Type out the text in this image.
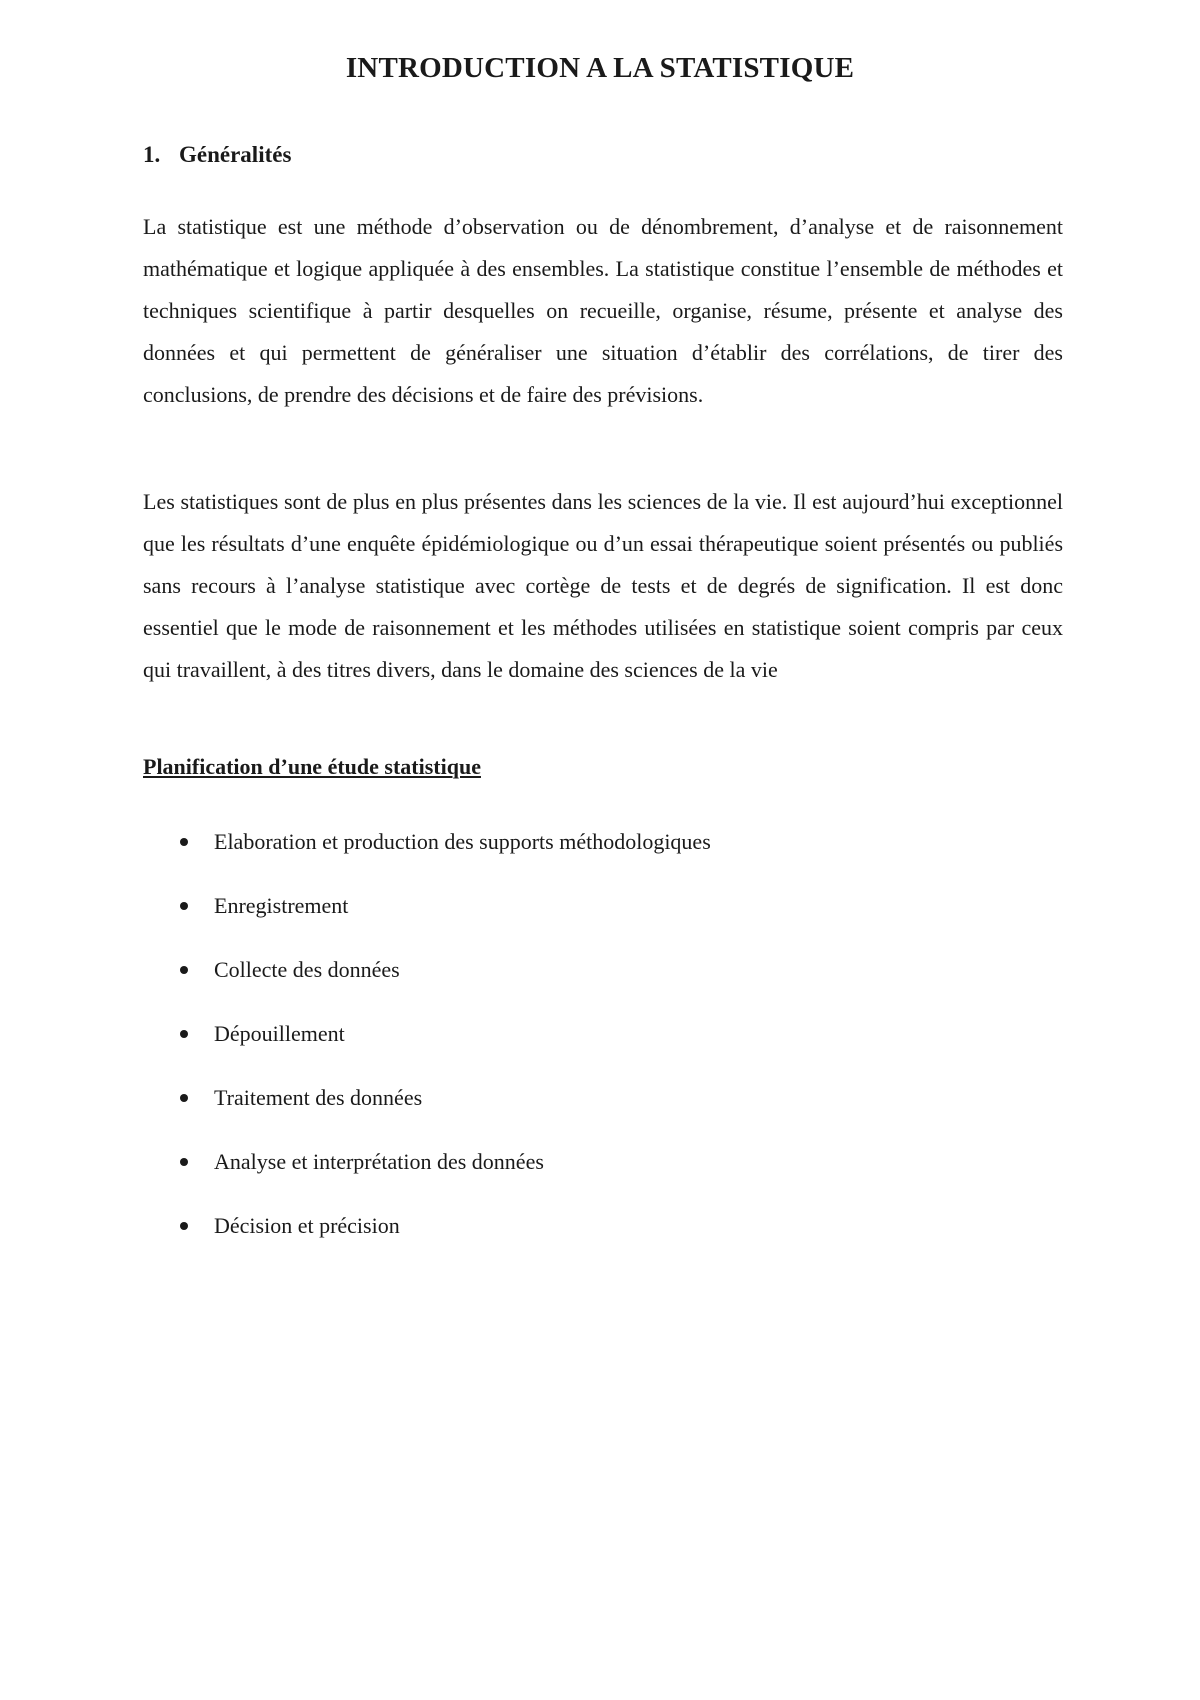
INTRODUCTION A LA STATISTIQUE
1. Généralités

La statistique est une méthode d’observation ou de dénombrement, d’analyse et de raisonnement mathématique et logique appliquée à des ensembles. La statistique constitue l’ensemble de méthodes et techniques scientifique à partir desquelles on recueille, organise, résume, présente et analyse des données et qui permettent de généraliser une situation d’établir des corrélations, de tirer des conclusions, de prendre des décisions et de faire des prévisions.

Les statistiques sont de plus en plus présentes dans les sciences de la vie. Il est aujourd’hui exceptionnel que les résultats d’une enquête épidémiologique ou d’un essai thérapeutique soient présentés ou publiés sans recours à l’analyse statistique avec cortège de tests et de degrés de signification. Il est donc essentiel que le mode de raisonnement et les méthodes utilisées en statistique soient compris par ceux qui travaillent, à des titres divers, dans le domaine des sciences de la vie

Planification d’une étude statistique
Elaboration et production des supports méthodologiques
Enregistrement
Collecte des données
Dépouillement
Traitement des données
Analyse et interprétation des données
Décision et précision
